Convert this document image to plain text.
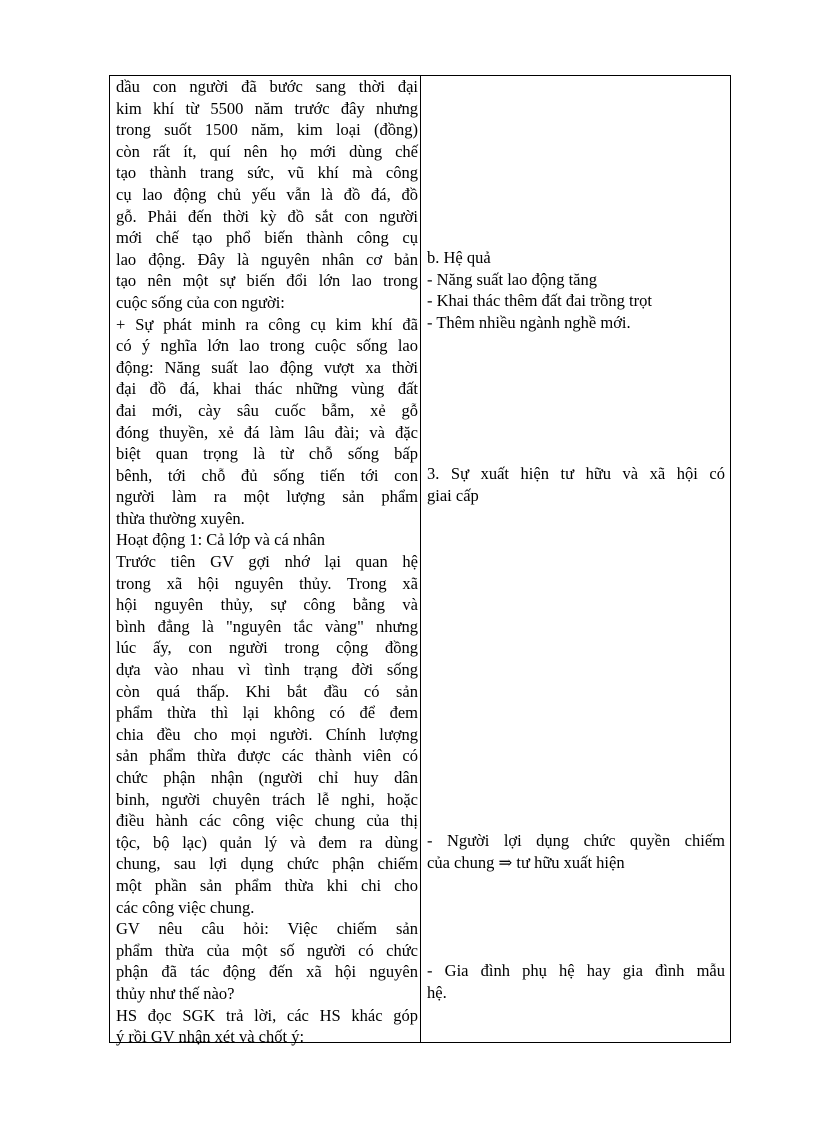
dầu con người đã bước sang thời đại
kim khí từ 5500 năm trước đây nhưng
trong suốt 1500 năm, kim loại (đồng)
còn rất ít, quí nên họ mới dùng chế
tạo thành trang sức, vũ khí mà công
cụ lao động chủ yếu vẫn là đồ đá, đồ
gỗ. Phải đến thời kỳ đồ sắt con người
mới chế tạo phổ biến thành công cụ
lao động. Đây là nguyên nhân cơ bản
tạo nên một sự biến đổi lớn lao trong
cuộc sống của con người:
+ Sự phát minh ra công cụ kim khí đã
có ý nghĩa lớn lao trong cuộc sống lao
động: Năng suất lao động vượt xa thời
đại đồ đá, khai thác những vùng đất
đai mới, cày sâu cuốc bẫm, xẻ gỗ
đóng thuyền, xẻ đá làm lâu đài; và đặc
biệt quan trọng là từ chỗ sống bấp
bênh, tới chỗ đủ sống tiến tới con
người làm ra một lượng sản phẩm
thừa thường xuyên.
Hoạt động 1: Cả lớp và cá nhân
Trước tiên GV gợi nhớ lại quan hệ
trong xã hội nguyên thủy. Trong xã
hội nguyên thủy, sự công bằng và
bình đẳng là "nguyên tắc vàng" nhưng
lúc ấy, con người trong cộng đồng
dựa vào nhau vì tình trạng đời sống
còn quá thấp. Khi bắt đầu có sản
phẩm thừa thì lại không có để đem
chia đều cho mọi người. Chính lượng
sản phẩm thừa được các thành viên có
chức phận nhận (người chỉ huy dân
binh, người chuyên trách lễ nghi, hoặc
điều hành các công việc chung của thị
tộc, bộ lạc) quản lý và đem ra dùng
chung, sau lợi dụng chức phận chiếm
một phần sản phẩm thừa khi chi cho
các công việc chung.
GV nêu câu hỏi: Việc chiếm sản
phẩm thừa của một số người có chức
phận đã tác động đến xã hội nguyên
thủy như thế nào?
HS đọc SGK trả lời, các HS khác góp
ý rồi GV nhận xét và chốt ý:
b. Hệ quả
- Năng suất lao động tăng
- Khai thác thêm đất đai trồng trọt
- Thêm nhiều ngành nghề mới.
3. Sự xuất hiện tư hữu và xã hội có
giai cấp
- Người lợi dụng chức quyền chiếm
của chung ⇒ tư hữu xuất hiện
- Gia đình phụ hệ hay gia đình mẫu
hệ.
